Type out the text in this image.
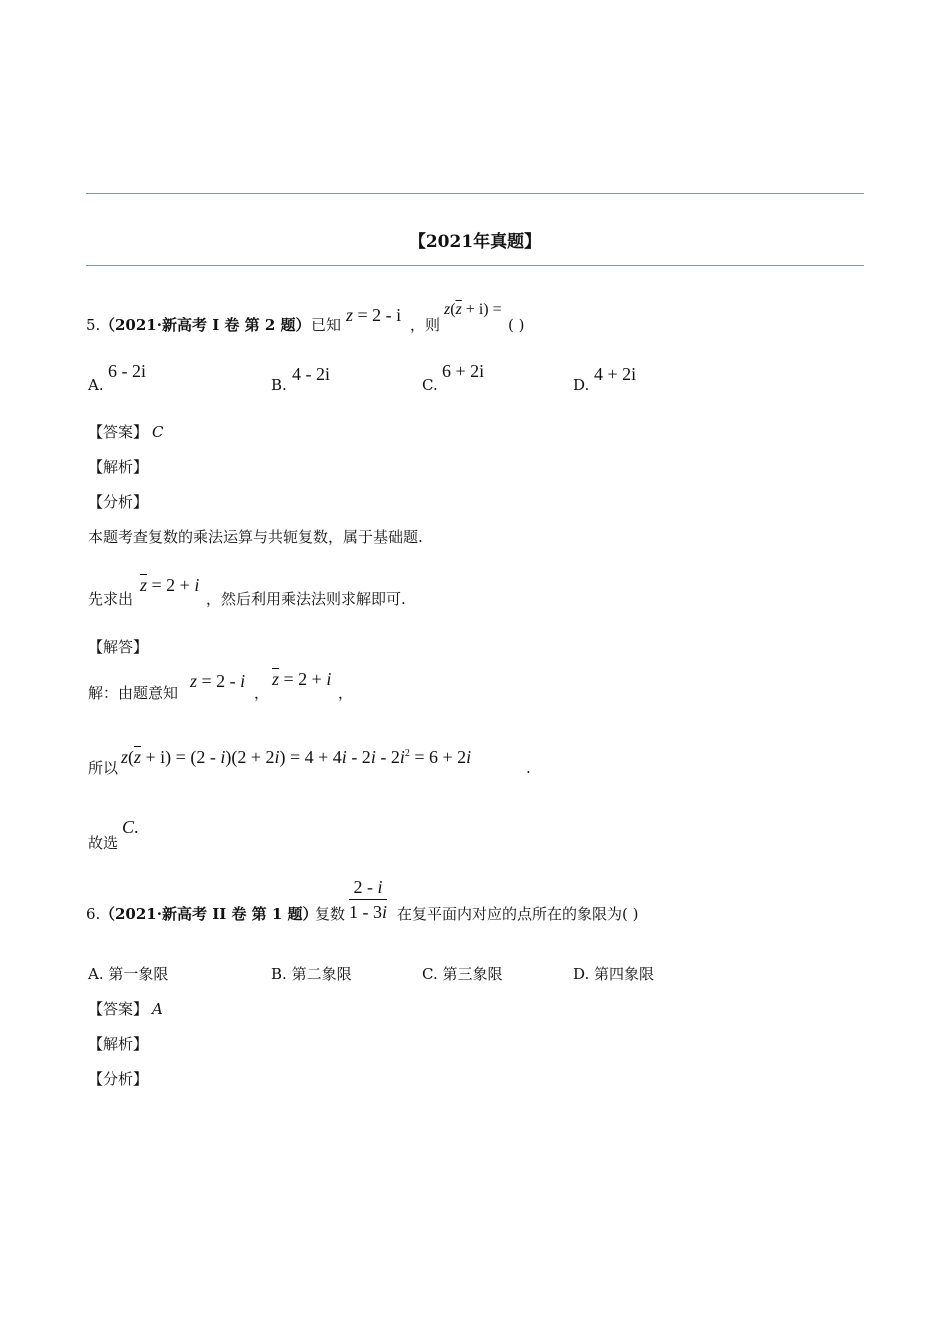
【2021年真题】
5. （2021·新高考 I 卷 第 2 题） 已知 z = 2 - i ，则
$z(\overline{z} + i)$ =
( )
A.
6 - 2i
B.
4 - 2i
C.
6 + 2i
D.
4 + 2i
【答案】 C
【解析】
【分析】
本题考查复数的乘法运算与共轭复数，属于基础题.
先求出
$\overline{z} = 2 + i$
，然后利用乘法法则求解即可.
【解答】
解：由题意知
z = 2 - i
，
$\overline{z} = 2 + i$
，
所以
$z(\overline{z} + i) = (2 - i)(2 + 2i) = 4 + 4i - 2i - 2i^2 = 6 + 2i$
.
故选
C.
6. （2021·新高考 II 卷 第 1 题）
复数 $\frac{2 - i}{1 - 3i}$ 在复平面内对应的点所在的象限为( )
A. 第一象限	B. 第二象限	C. 第三象限	D. 第四象限
【答案】 A
【解析】
【分析】
